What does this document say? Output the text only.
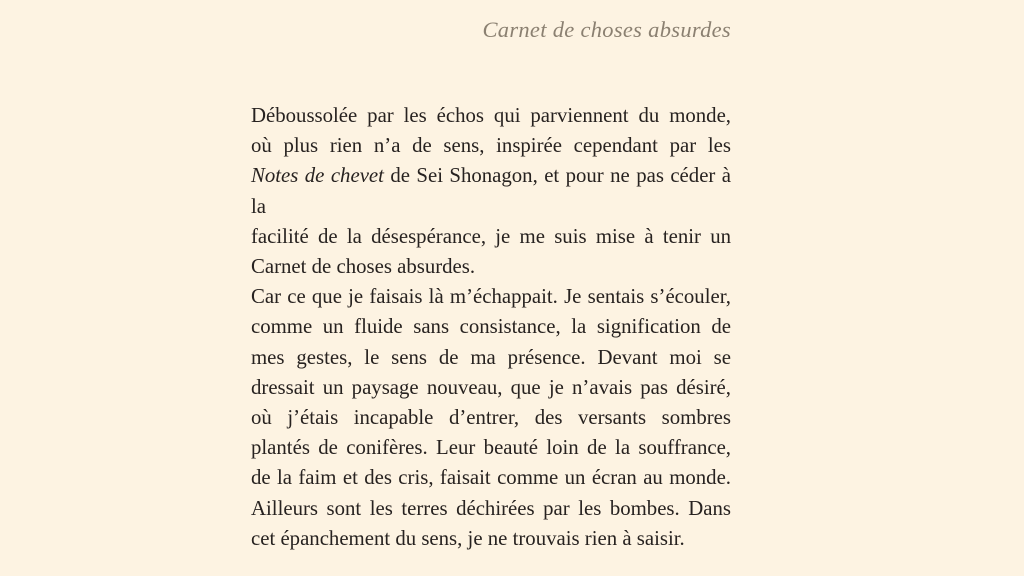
Carnet de choses absurdes
Déboussolée par les échos qui parviennent du monde,
où plus rien n’a de sens, inspirée cependant par les
Notes de chevet de Sei Shonagon, et pour ne pas céder à la
facilité de la désespérance, je me suis mise à tenir un
Carnet de choses absurdes.
Car ce que je faisais là m’échappait. Je sentais s’écouler,
comme un fluide sans consistance, la signification de
mes gestes, le sens de ma présence. Devant moi se
dressait un paysage nouveau, que je n’avais pas désiré,
où j’étais incapable d’entrer, des versants sombres
plantés de conifères. Leur beauté loin de la souffrance,
de la faim et des cris, faisait comme un écran au monde.
Ailleurs sont les terres déchirées par les bombes. Dans
cet épanchement du sens, je ne trouvais rien à saisir.
